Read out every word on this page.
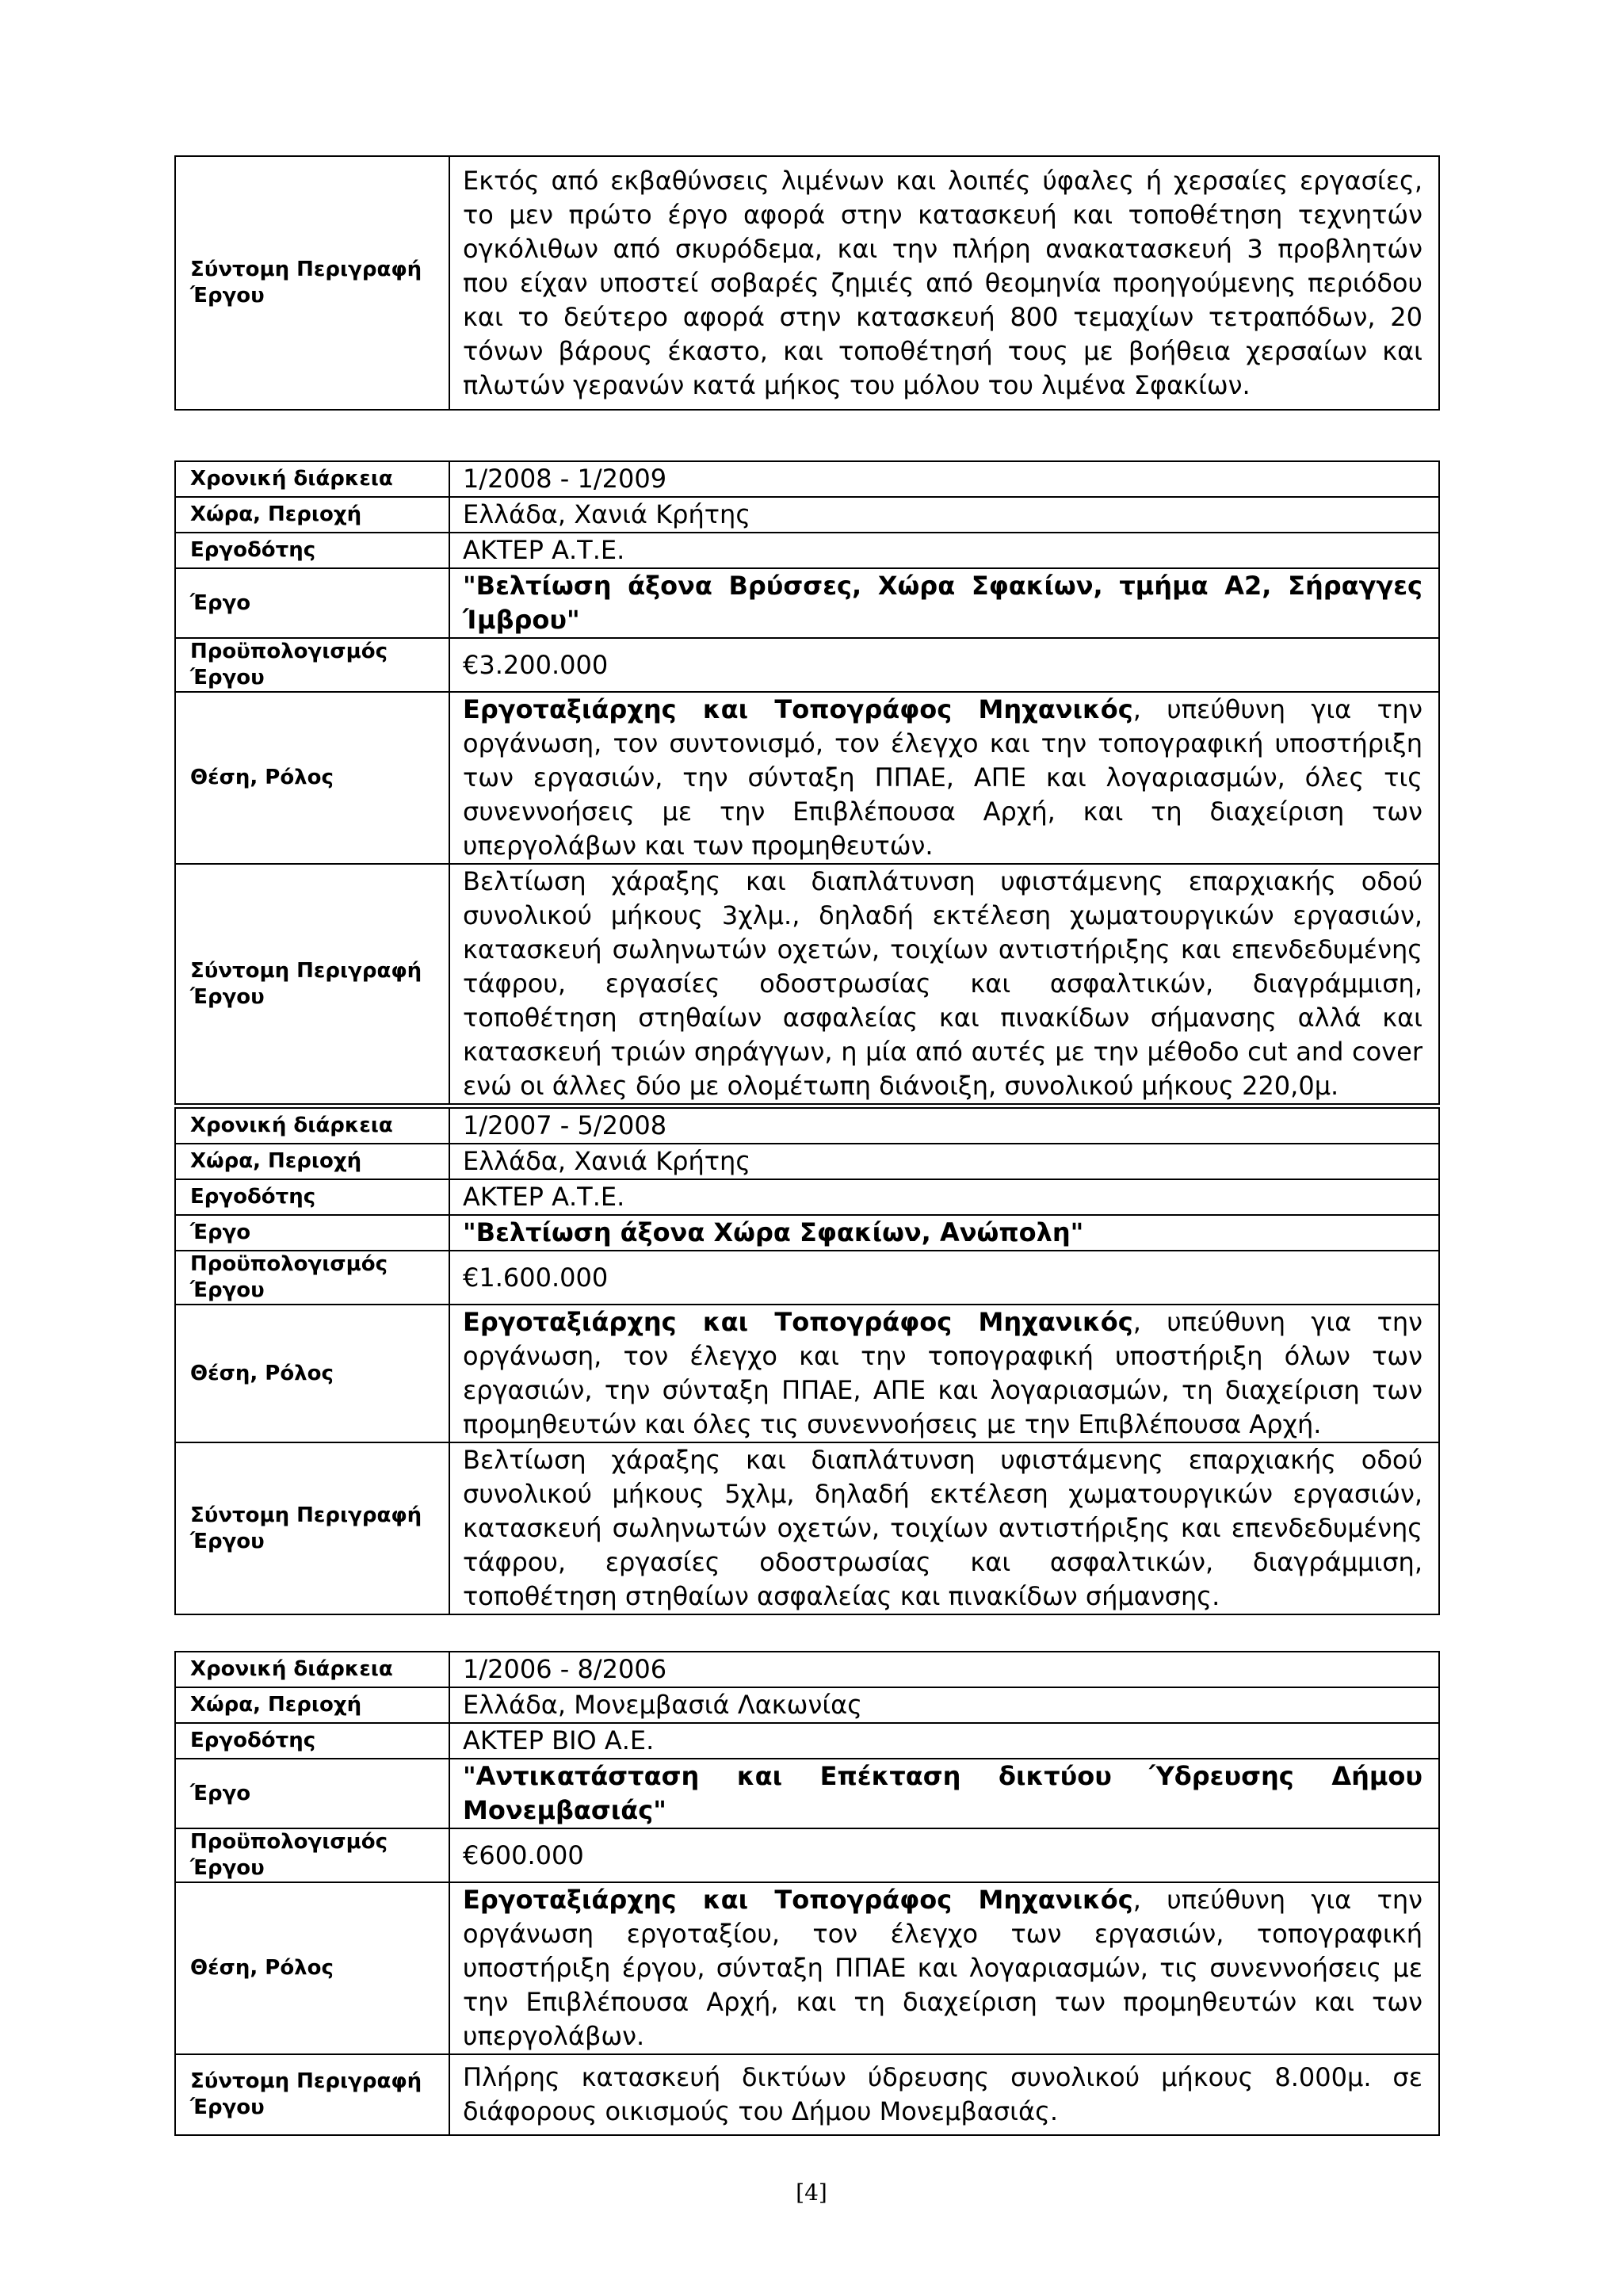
Σύντομη Περιγραφή Έργου	Εκτός από εκβαθύνσεις λιμένων και λοιπές ύφαλες ή χερσαίες εργασίες, το μεν πρώτο έργο αφορά στην κατασκευή και τοποθέτηση τεχνητών ογκόλιθων από σκυρόδεμα, και την πλήρη ανακατασκευή 3 προβλητών που είχαν υποστεί σοβαρές ζημιές από θεομηνία προηγούμενης περιόδου και το δεύτερο αφορά στην κατασκευή 800 τεμαχίων τετραπόδων, 20 τόνων βάρους έκαστο, και τοποθέτησή τους με βοήθεια χερσαίων και πλωτών γερανών κατά μήκος του μόλου του λιμένα Σφακίων.
Χρονική διάρκεια	1/2008 - 1/2009
Χώρα, Περιοχή	Ελλάδα, Χανιά Κρήτης
Εργοδότης	ΑΚΤΕΡ Α.Τ.Ε.
Έργο	"Βελτίωση άξονα Βρύσσες, Χώρα Σφακίων, τμήμα Α2, Σήραγγες Ίμβρου"
Προϋπολογισμός Έργου	€3.200.000
Θέση, Ρόλος	Εργοταξιάρχης και Τοπογράφος Μηχανικός, υπεύθυνη για την οργάνωση, τον συντονισμό, τον έλεγχο και την τοπογραφική υποστήριξη των εργασιών, την σύνταξη ΠΠΑΕ, ΑΠΕ και λογαριασμών, όλες τις συνεννοήσεις με την Επιβλέπουσα Αρχή, και τη διαχείριση των υπεργολάβων και των προμηθευτών.
Σύντομη Περιγραφή Έργου	Βελτίωση χάραξης και διαπλάτυνση υφιστάμενης επαρχιακής οδού συνολικού μήκους 3χλμ., δηλαδή εκτέλεση χωματουργικών εργασιών, κατασκευή σωληνωτών οχετών, τοιχίων αντιστήριξης και επενδεδυμένης τάφρου, εργασίες οδοστρωσίας και ασφαλτικών, διαγράμμιση, τοποθέτηση στηθαίων ασφαλείας και πινακίδων σήμανσης αλλά και κατασκευή τριών σηράγγων, η μία από αυτές με την μέθοδο cut and cover ενώ οι άλλες δύο με ολομέτωπη διάνοιξη, συνολικού μήκους 220,0μ.
Χρονική διάρκεια	1/2007 - 5/2008
Χώρα, Περιοχή	Ελλάδα, Χανιά Κρήτης
Εργοδότης	ΑΚΤΕΡ Α.Τ.Ε.
Έργο	"Βελτίωση άξονα Χώρα Σφακίων, Ανώπολη"
Προϋπολογισμός Έργου	€1.600.000
Θέση, Ρόλος	Εργοταξιάρχης και Τοπογράφος Μηχανικός, υπεύθυνη για την οργάνωση, τον έλεγχο και την τοπογραφική υποστήριξη όλων των εργασιών, την σύνταξη ΠΠΑΕ, ΑΠΕ και λογαριασμών, τη διαχείριση των προμηθευτών και όλες τις συνεννοήσεις με την Επιβλέπουσα Αρχή.
Σύντομη Περιγραφή Έργου	Βελτίωση χάραξης και διαπλάτυνση υφιστάμενης επαρχιακής οδού συνολικού μήκους 5χλμ, δηλαδή εκτέλεση χωματουργικών εργασιών, κατασκευή σωληνωτών οχετών, τοιχίων αντιστήριξης και επενδεδυμένης τάφρου, εργασίες οδοστρωσίας και ασφαλτικών, διαγράμμιση, τοποθέτηση στηθαίων ασφαλείας και πινακίδων σήμανσης.
Χρονική διάρκεια	1/2006 - 8/2006
Χώρα, Περιοχή	Ελλάδα, Μονεμβασιά Λακωνίας
Εργοδότης	ΑΚΤΕΡ ΒΙΟ Α.Ε.
Έργο	"Αντικατάσταση και Επέκταση δικτύου Ύδρευσης Δήμου Μονεμβασιάς"
Προϋπολογισμός Έργου	€600.000
Θέση, Ρόλος	Εργοταξιάρχης και Τοπογράφος Μηχανικός, υπεύθυνη για την οργάνωση εργοταξίου, τον έλεγχο των εργασιών, τοπογραφική υποστήριξη έργου, σύνταξη ΠΠΑΕ και λογαριασμών, τις συνεννοήσεις με την Επιβλέπουσα Αρχή, και τη διαχείριση των προμηθευτών και των υπεργολάβων.
Σύντομη Περιγραφή Έργου	Πλήρης κατασκευή δικτύων ύδρευσης συνολικού μήκους 8.000μ. σε διάφορους οικισμούς του Δήμου Μονεμβασιάς.
[4]
